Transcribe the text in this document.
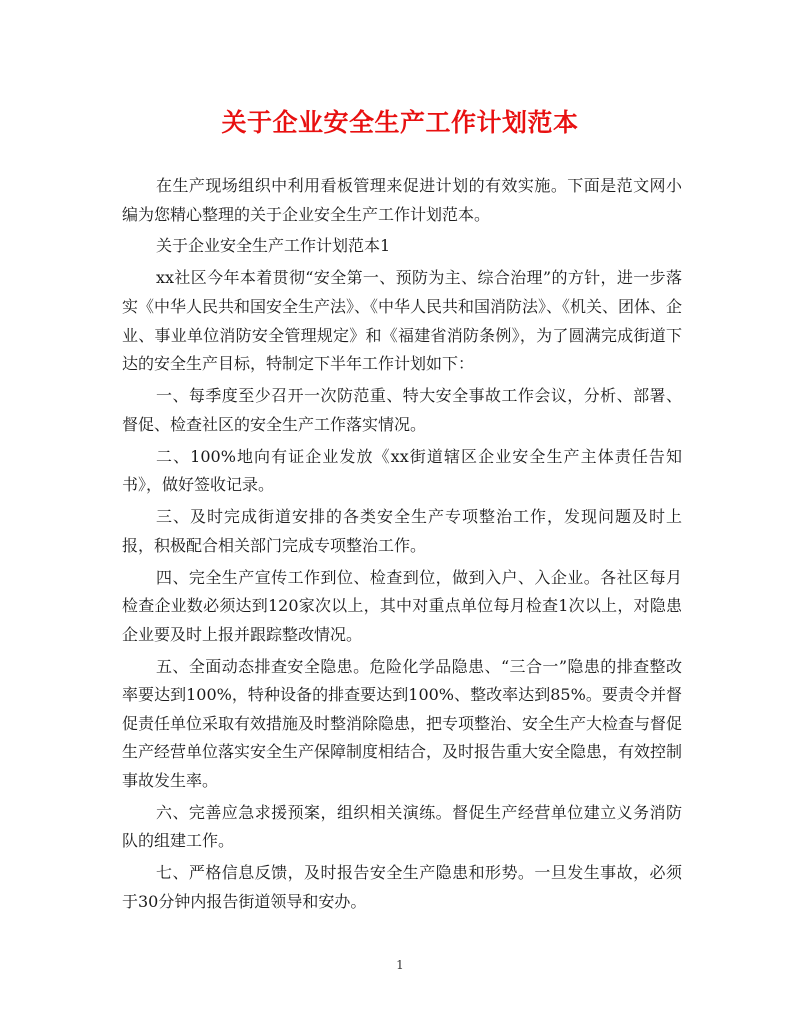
关于企业安全生产工作计划范本

在生产现场组织中利用看板管理来促进计划的有效实施。下面是范文网小编为您精心整理的关于企业安全生产工作计划范本。

关于企业安全生产工作计划范本1

xx社区今年本着贯彻“安全第一、预防为主、综合治理”的方针，进一步落实《中华人民共和国安全生产法》、《中华人民共和国消防法》、《机关、团体、企业、事业单位消防安全管理规定》和《福建省消防条例》，为了圆满完成街道下达的安全生产目标，特制定下半年工作计划如下：

一、每季度至少召开一次防范重、特大安全事故工作会议，分析、部署、督促、检查社区的安全生产工作落实情况。

二、100%地向有证企业发放《xx街道辖区企业安全生产主体责任告知书》，做好签收记录。

三、及时完成街道安排的各类安全生产专项整治工作，发现问题及时上报，积极配合相关部门完成专项整治工作。

四、完全生产宣传工作到位、检查到位，做到入户、入企业。各社区每月检查企业数必须达到120家次以上，其中对重点单位每月检查1次以上，对隐患企业要及时上报并跟踪整改情况。

五、全面动态排查安全隐患。危险化学品隐患、“三合一”隐患的排查整改率要达到100%，特种设备的排查要达到100%、整改率达到85%。要责令并督促责任单位采取有效措施及时整消除隐患，把专项整治、安全生产大检查与督促生产经营单位落实安全生产保障制度相结合，及时报告重大安全隐患，有效控制事故发生率。

六、完善应急求援预案，组织相关演练。督促生产经营单位建立义务消防队的组建工作。

七、严格信息反馈，及时报告安全生产隐患和形势。一旦发生事故，必须于30分钟内报告街道领导和安办。

1
